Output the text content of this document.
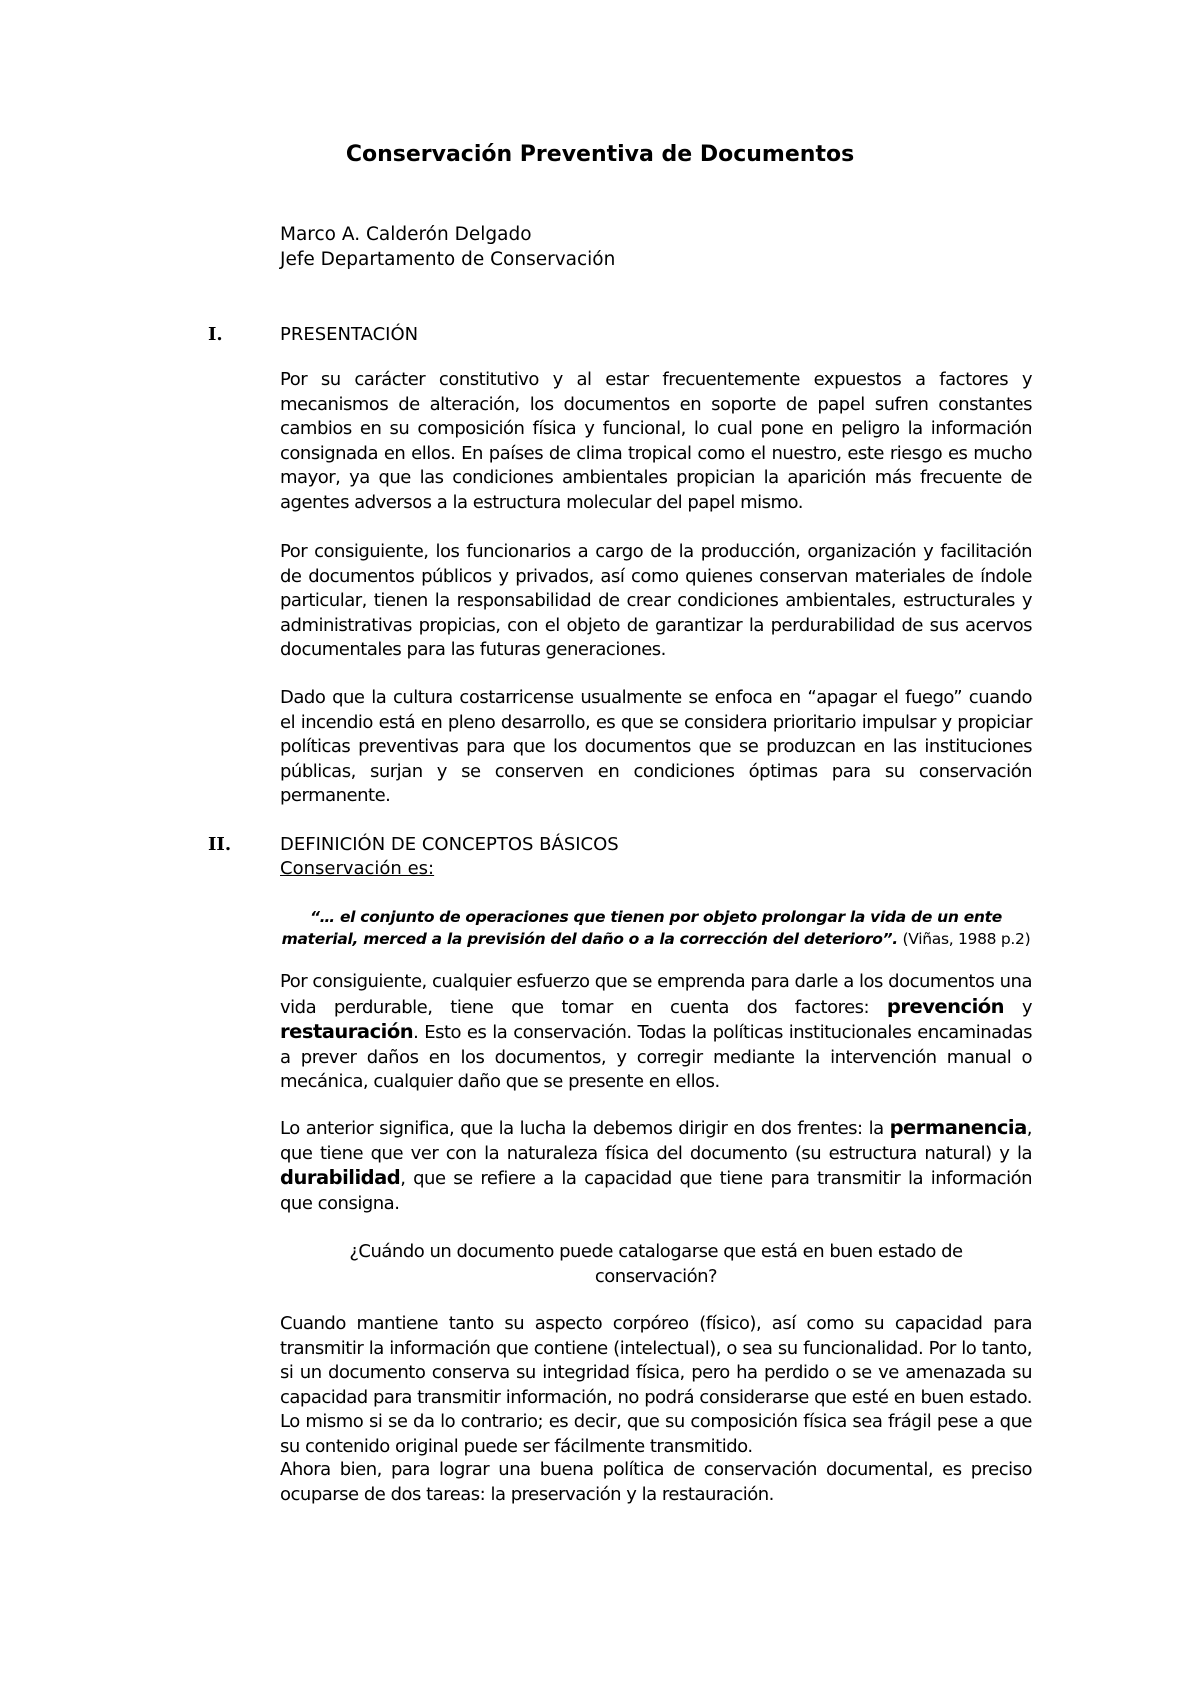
Conservación Preventiva de Documentos
Marco A. Calderón Delgado
Jefe Departamento de Conservación
I.	PRESENTACIÓN

Por su carácter constitutivo y al estar frecuentemente expuestos a factores y mecanismos de alteración, los documentos en soporte de papel sufren constantes cambios en su composición física y funcional, lo cual pone en peligro la información consignada en ellos. En países de clima tropical como el nuestro, este riesgo es mucho mayor, ya que las condiciones ambientales propician la aparición más frecuente de agentes adversos a la estructura molecular del papel mismo.

Por consiguiente, los funcionarios a cargo de la producción, organización y facilitación de documentos públicos y privados, así como quienes conservan materiales de índole particular, tienen la responsabilidad de crear condiciones ambientales, estructurales y administrativas propicias, con el objeto de garantizar la perdurabilidad de sus acervos documentales para las futuras generaciones.

Dado que la cultura costarricense usualmente se enfoca en “apagar el fuego” cuando el incendio está en pleno desarrollo, es que se considera prioritario impulsar y propiciar políticas preventivas para que los documentos que se produzcan en las instituciones públicas, surjan y se conserven en condiciones óptimas para su conservación permanente.

II.	DEFINICIÓN DE CONCEPTOS BÁSICOS
Conservación es:
“… el conjunto de operaciones que tienen por objeto prolongar la vida de un ente material, merced a la previsión del daño o a la corrección del deterioro”. (Viñas, 1988 p.2)

Por consiguiente, cualquier esfuerzo que se emprenda para darle a los documentos una vida perdurable, tiene que tomar en cuenta dos factores: prevención y restauración. Esto es la conservación. Todas la políticas institucionales encaminadas a prever daños en los documentos, y corregir mediante la intervención manual o mecánica, cualquier daño que se presente en ellos.

Lo anterior significa, que la lucha la debemos dirigir en dos frentes: la permanencia, que tiene que ver con la naturaleza física del documento (su estructura natural) y la durabilidad, que se refiere a la capacidad que tiene para transmitir la información que consigna.

¿Cuándo un documento puede catalogarse que está en buen estado de
conservación?

Cuando mantiene tanto su aspecto corpóreo (físico), así como su capacidad para transmitir la información que contiene (intelectual), o sea su funcionalidad. Por lo tanto, si un documento conserva su integridad física, pero ha perdido o se ve amenazada su capacidad para transmitir información, no podrá considerarse que esté en buen estado. Lo mismo si se da lo contrario; es decir, que su composición física sea frágil pese a que su contenido original puede ser fácilmente transmitido.

Ahora bien, para lograr una buena política de conservación documental, es preciso ocuparse de dos tareas: la preservación y la restauración.
